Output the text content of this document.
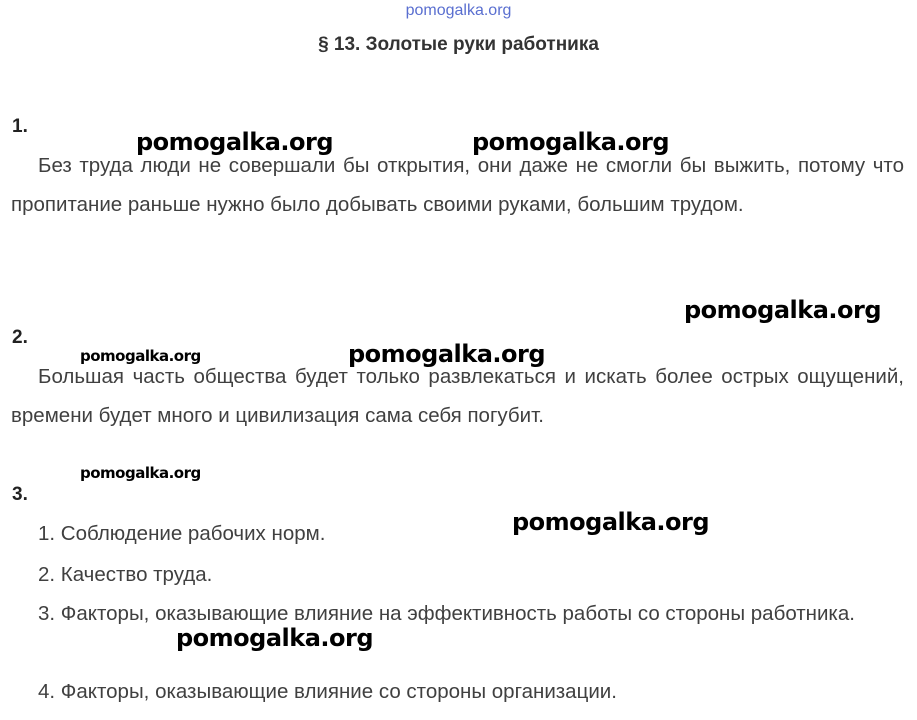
pomogalka.org
§ 13. Золотые руки работника
1.
Без труда люди не совершали бы открытия, они даже не смогли бы выжить, потому что пропитание раньше нужно было добывать своими руками, большим трудом.
2.
Большая часть общества будет только развлекаться и искать более острых ощущений, времени будет много и цивилизация сама себя погубит.
3.
1. Соблюдение рабочих норм.
2. Качество труда.
3. Факторы, оказывающие влияние на эффективность работы со стороны работника.
4. Факторы, оказывающие влияние со стороны организации.
pomogalka.org	pomogalka.org
pomogalka.org
pomogalka.org	pomogalka.org
pomogalka.org
pomogalka.org
pomogalka.org
